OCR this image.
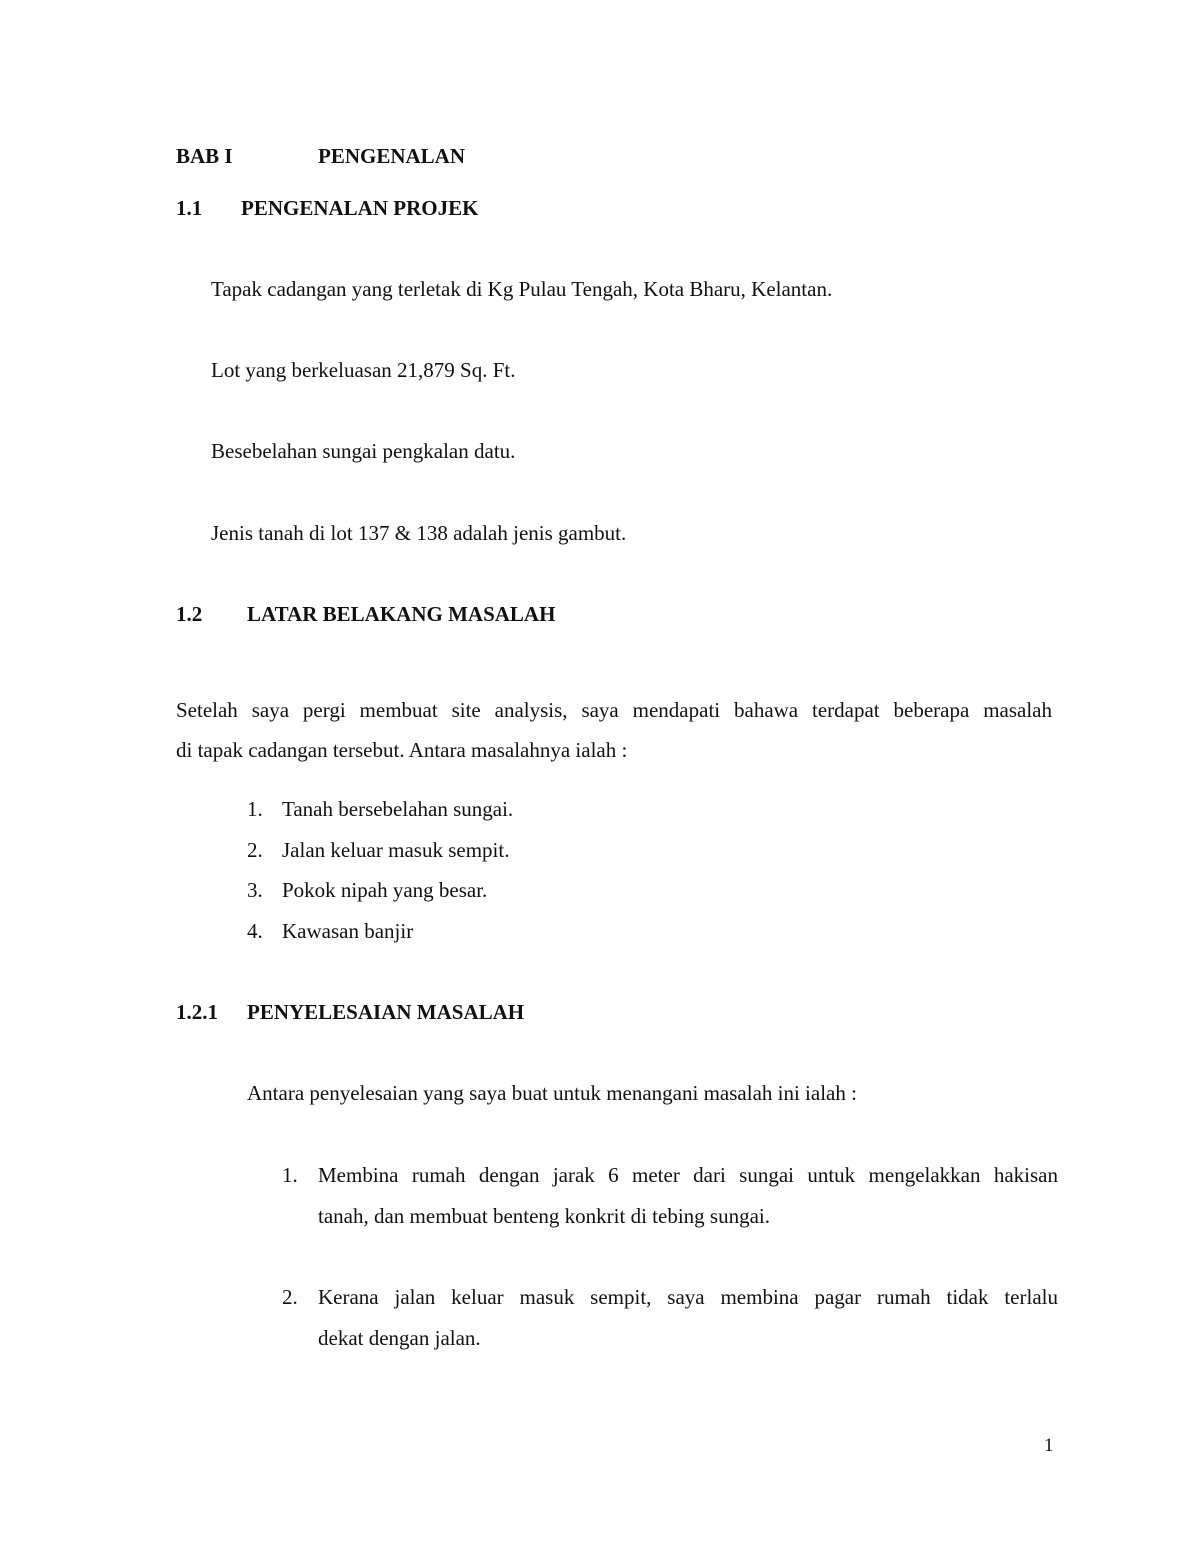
BAB I	PENGENALAN
1.1 PENGENALAN PROJEK
Tapak cadangan yang terletak di Kg Pulau Tengah, Kota Bharu, Kelantan.
Lot yang berkeluasan 21,879 Sq. Ft.
Besebelahan sungai pengkalan datu.
Jenis tanah di lot 137 & 138 adalah jenis gambut.
1.2 LATAR BELAKANG MASALAH
Setelah saya pergi membuat site analysis, saya mendapati bahawa terdapat beberapa masalah
di tapak cadangan tersebut. Antara masalahnya ialah :
1. Tanah bersebelahan sungai.
2. Jalan keluar masuk sempit.
3. Pokok nipah yang besar.
4. Kawasan banjir
1.2.1 PENYELESAIAN MASALAH
Antara penyelesaian yang saya buat untuk menangani masalah ini ialah :
1. Membina rumah dengan jarak 6 meter dari sungai untuk mengelakkan hakisan
tanah, dan membuat benteng konkrit di tebing sungai.
2. Kerana jalan keluar masuk sempit, saya membina pagar rumah tidak terlalu
dekat dengan jalan.
1
